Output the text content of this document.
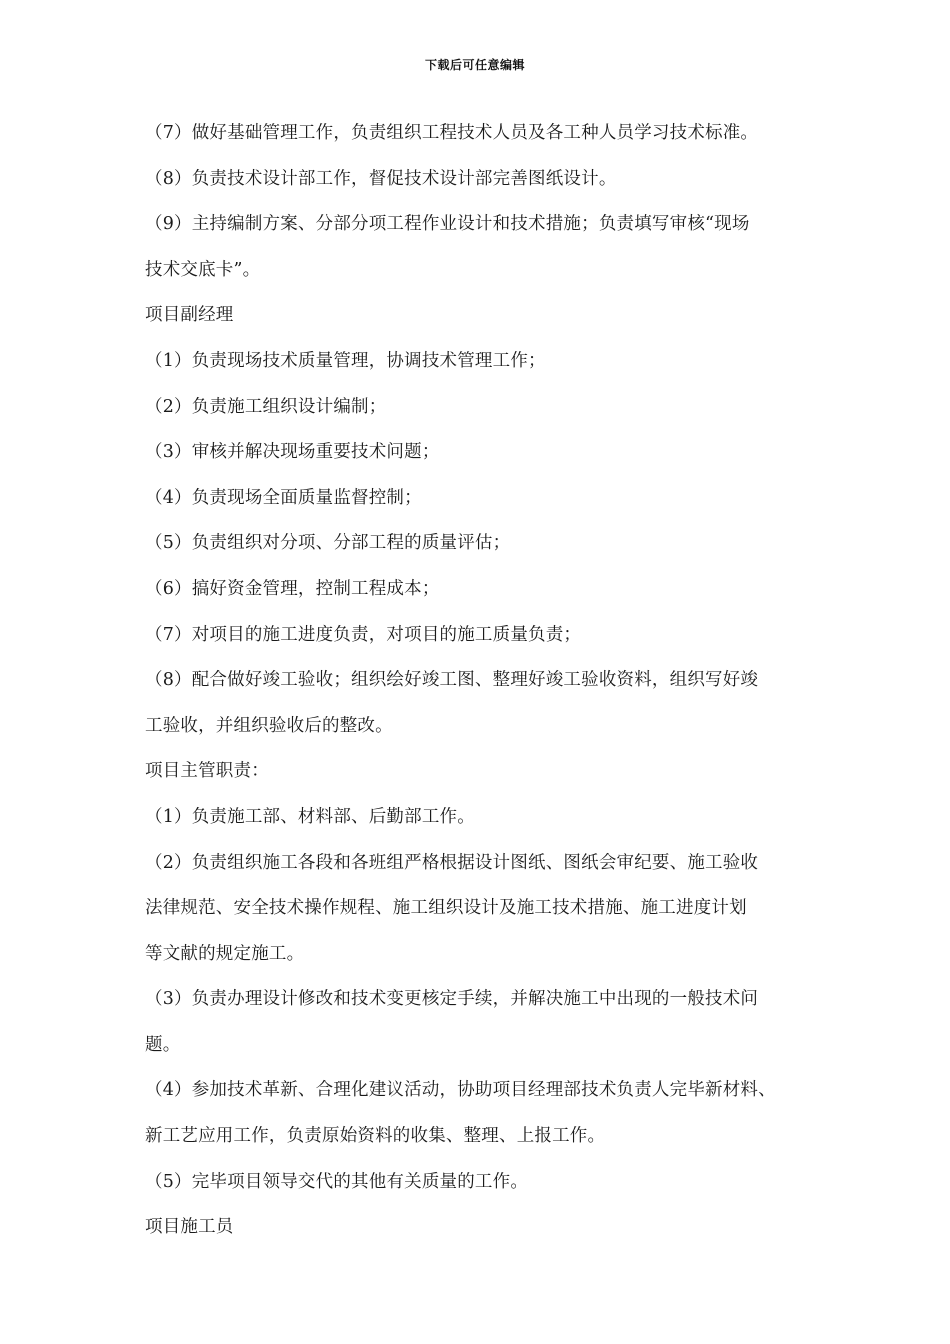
下载后可任意编辑
（7）做好基础管理工作，负责组织工程技术人员及各工种人员学习技术标准。
（8）负责技术设计部工作，督促技术设计部完善图纸设计。
（9）主持编制方案、分部分项工程作业设计和技术措施；负责填写审核“现场
技术交底卡”。
项目副经理
（1）负责现场技术质量管理，协调技术管理工作；
（2）负责施工组织设计编制；
（3）审核并解决现场重要技术问题；
（4）负责现场全面质量监督控制；
（5）负责组织对分项、分部工程的质量评估；
（6）搞好资金管理，控制工程成本；
（7）对项目的施工进度负责，对项目的施工质量负责；
（8）配合做好竣工验收；组织绘好竣工图、整理好竣工验收资料，组织写好竣
工验收，并组织验收后的整改。
项目主管职责：
（1）负责施工部、材料部、后勤部工作。
（2）负责组织施工各段和各班组严格根据设计图纸、图纸会审纪要、施工验收
法律规范、安全技术操作规程、施工组织设计及施工技术措施、施工进度计划
等文献的规定施工。
（3）负责办理设计修改和技术变更核定手续，并解决施工中出现的一般技术问
题。
（4）参加技术革新、合理化建议活动，协助项目经理部技术负责人完毕新材料、
新工艺应用工作，负责原始资料的收集、整理、上报工作。
（5）完毕项目领导交代的其他有关质量的工作。
项目施工员
